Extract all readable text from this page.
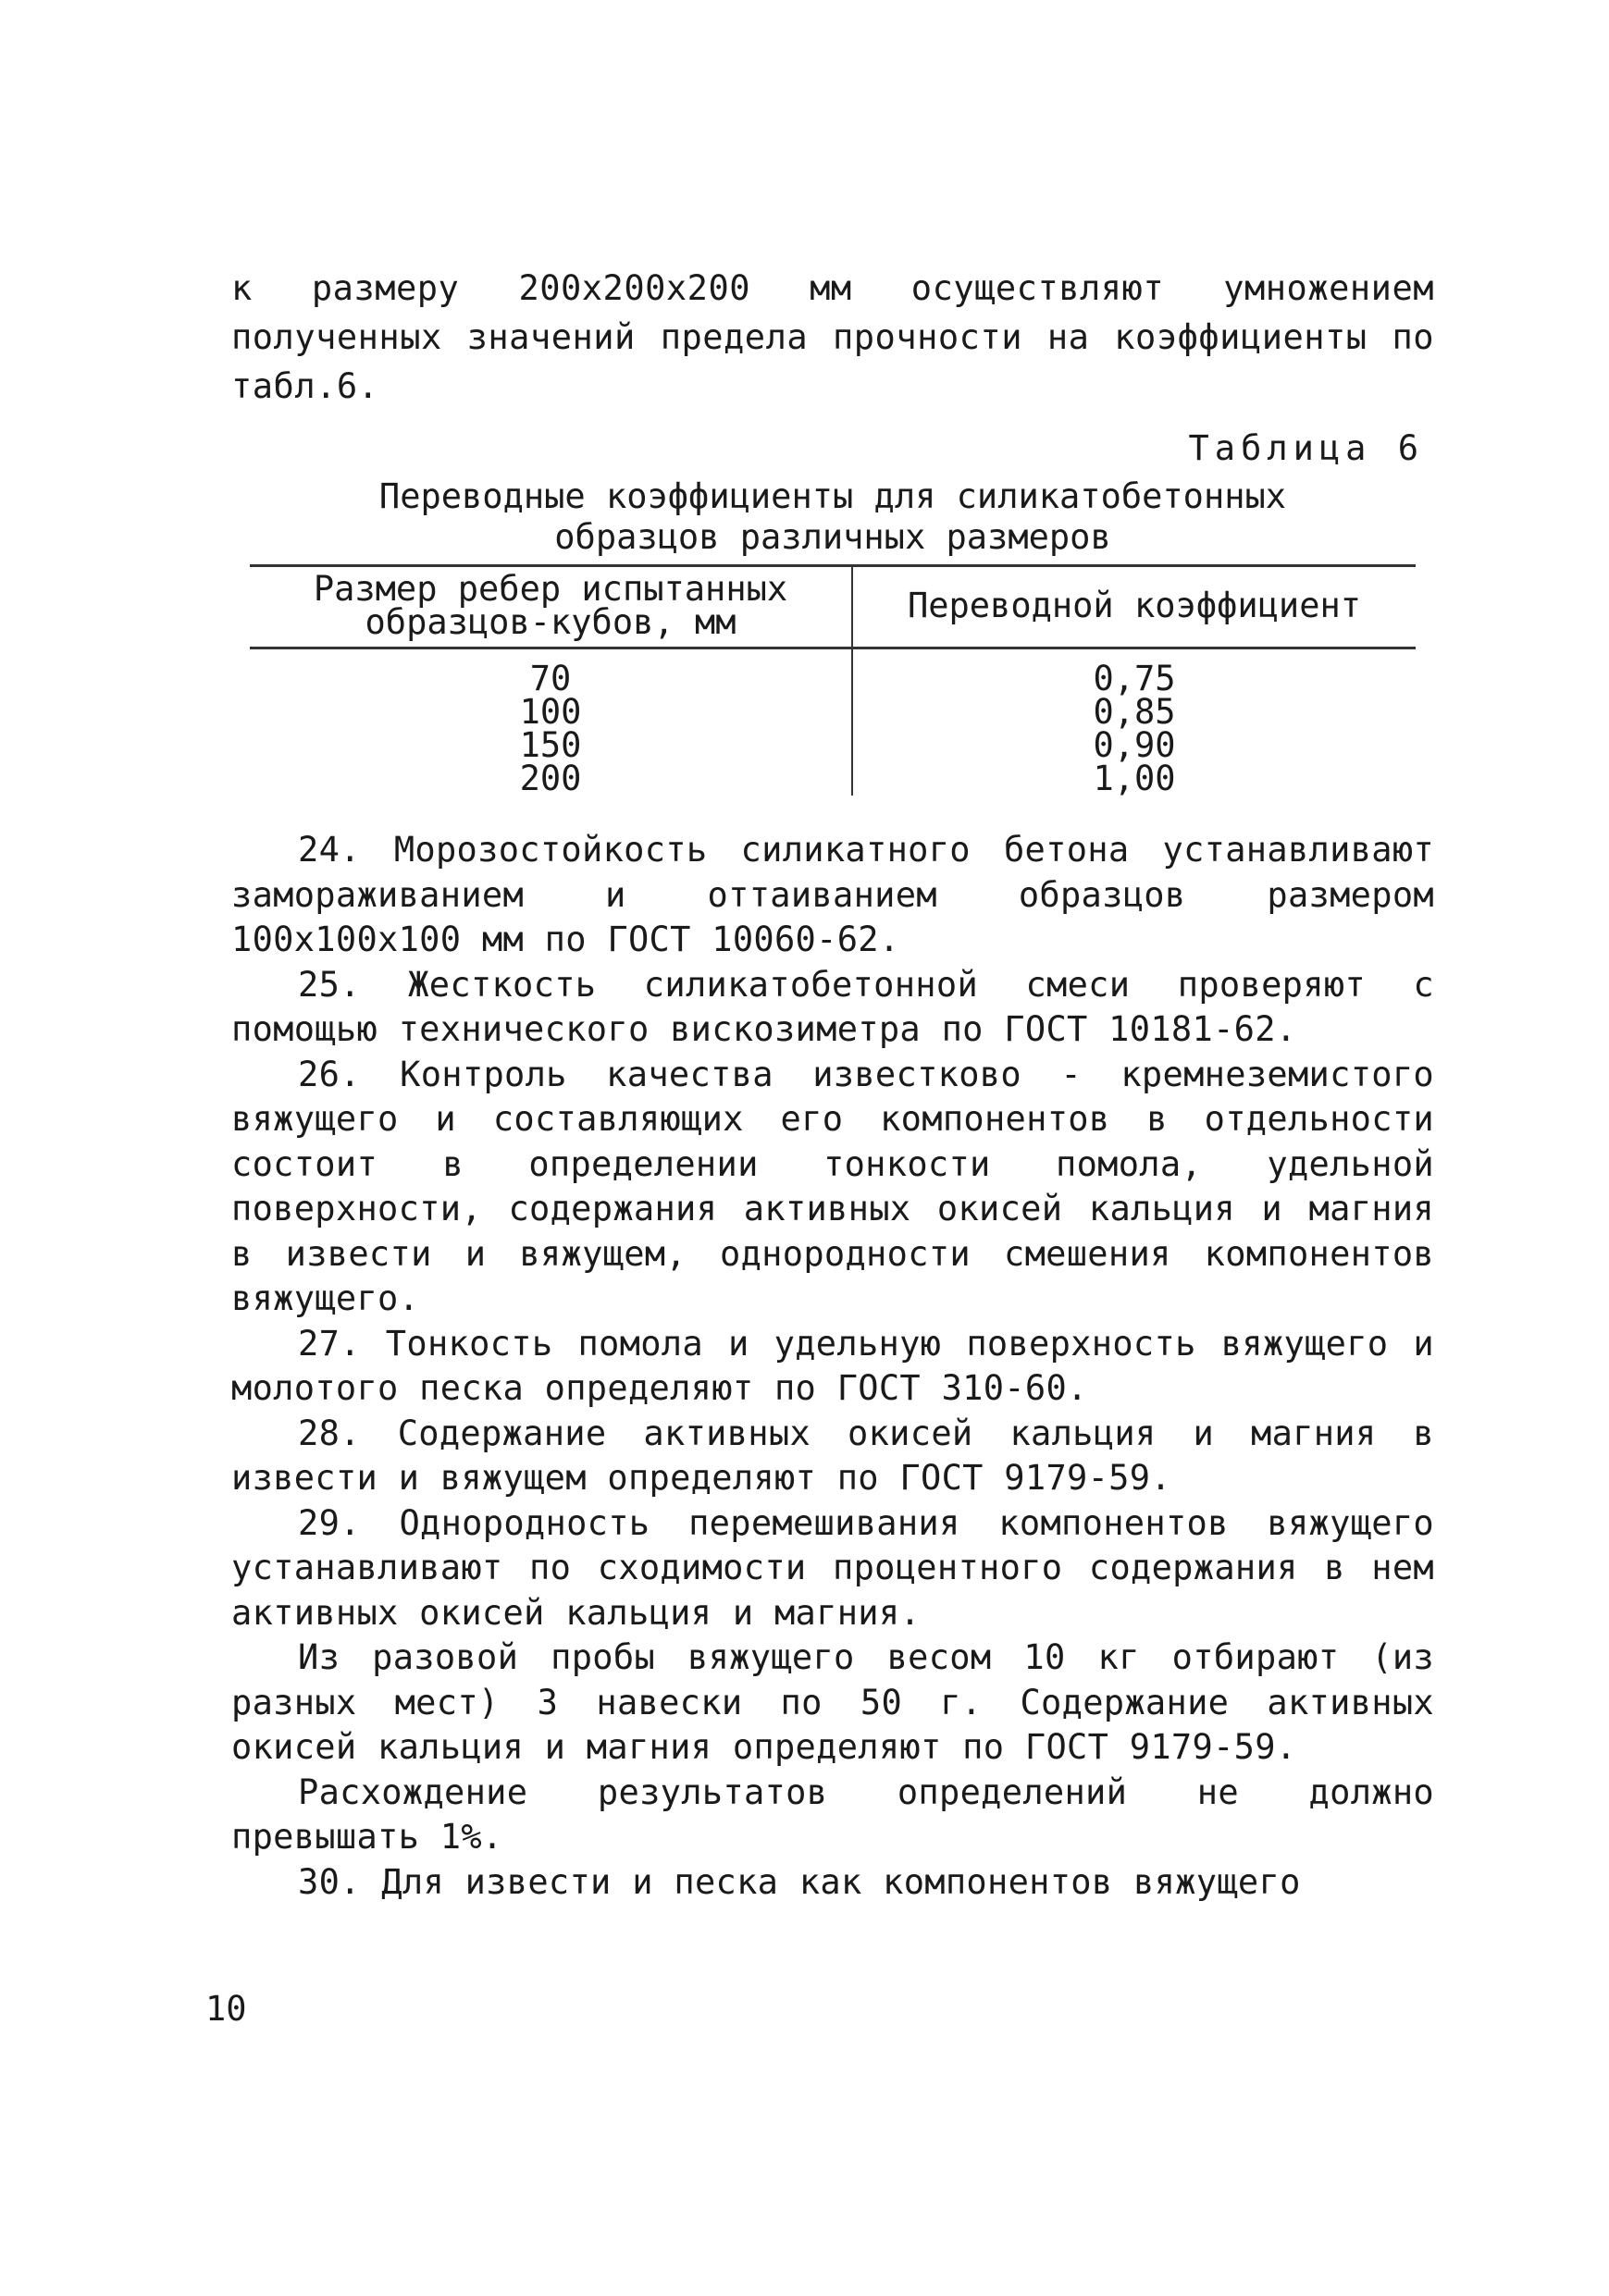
к размеру 200х200х200 мм осуществляют умножением полученных значений предела прочности на коэффициенты по табл.6.

Таблица 6
Переводные коэффициенты для силикатобетонных
образцов различных размеров
Размер ребер испытанных
образцов-кубов, мм	Переводной коэффициент
70	0,75
100	0,85
150	0,90
200	1,00

24. Морозостойкость силикатного бетона устанавливают замораживанием и оттаиванием образцов размером 100х100х100 мм по ГОСТ 10060-62.

25. Жесткость силикатобетонной смеси проверяют с помощью технического вискозиметра по ГОСТ 10181-62.

26. Контроль качества известково - кремнеземистого вяжущего и составляющих его компонентов в отдельности состоит в определении тонкости помола, удельной поверхности, содержания активных окисей кальция и магния в извести и вяжущем, однородности смешения компонентов вяжущего.

27. Тонкость помола и удельную поверхность вяжущего и молотого песка определяют по ГОСТ 310-60.

28. Содержание активных окисей кальция и магния в извести и вяжущем определяют по ГОСТ 9179-59.

29. Однородность перемешивания компонентов вяжущего устанавливают по сходимости процентного содержания в нем активных окисей кальция и магния.

Из разовой пробы вяжущего весом 10 кг отбирают (из разных мест) 3 навески по 50 г. Содержание активных окисей кальция и магния определяют по ГОСТ 9179-59.

Расхождение результатов определений не должно превышать 1%.

30. Для извести и песка как компонентов вяжущего

10
